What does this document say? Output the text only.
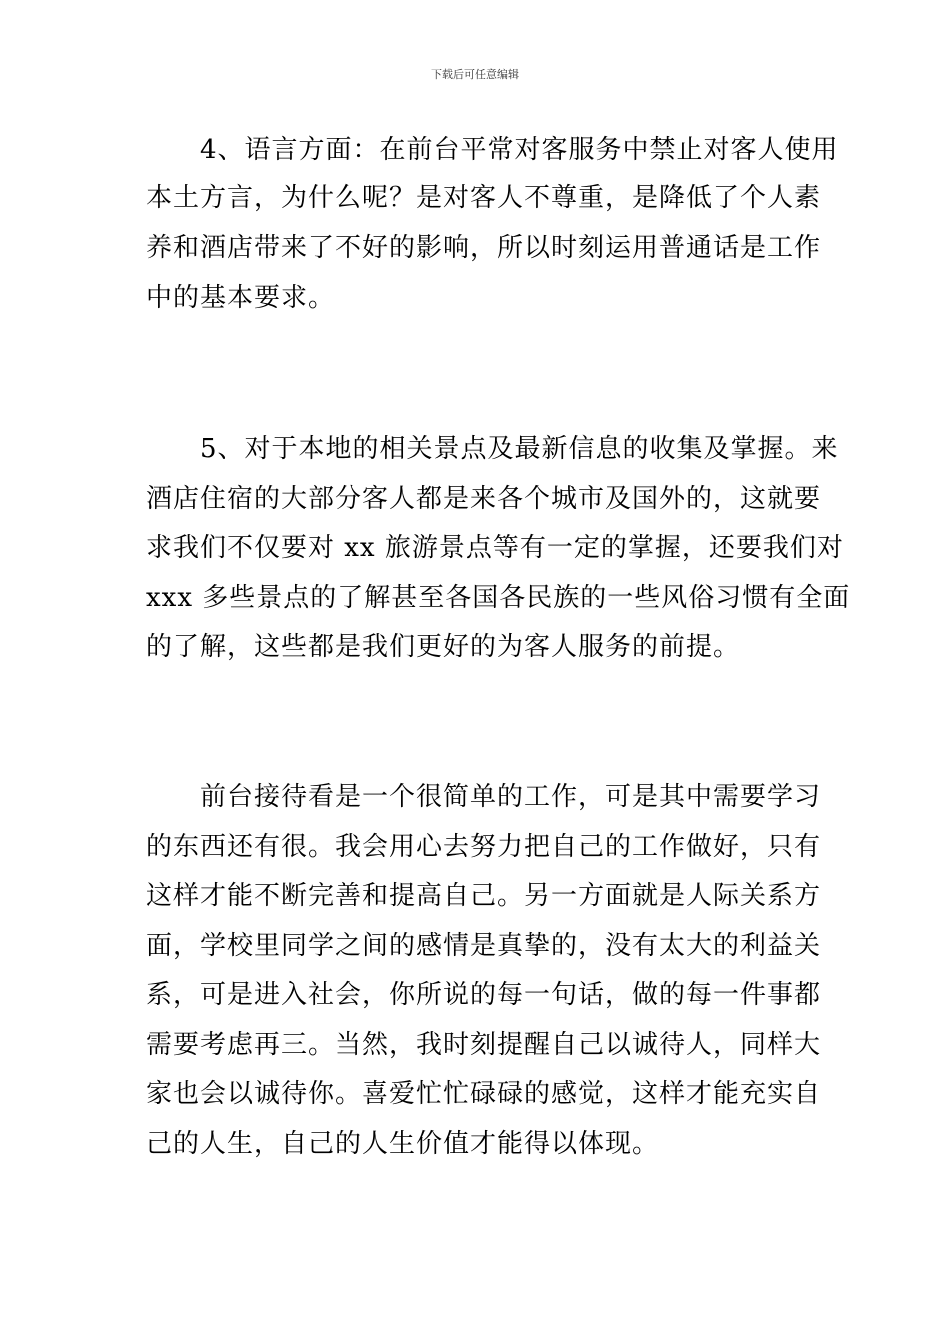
下载后可任意编辑
　　4、语言方面：在前台平常对客服务中禁止对客人使用
本土方言，为什么呢？是对客人不尊重，是降低了个人素
养和酒店带来了不好的影响，所以时刻运用普通话是工作
中的基本要求。
　　5、对于本地的相关景点及最新信息的收集及掌握。来
酒店住宿的大部分客人都是来各个城市及国外的，这就要
求我们不仅要对 xx 旅游景点等有一定的掌握，还要我们对
xxx 多些景点的了解甚至各国各民族的一些风俗习惯有全面
的了解，这些都是我们更好的为客人服务的前提。
　　前台接待看是一个很简单的工作，可是其中需要学习
的东西还有很。我会用心去努力把自己的工作做好，只有
这样才能不断完善和提高自己。另一方面就是人际关系方
面，学校里同学之间的感情是真挚的，没有太大的利益关
系，可是进入社会，你所说的每一句话，做的每一件事都
需要考虑再三。当然，我时刻提醒自己以诚待人，同样大
家也会以诚待你。喜爱忙忙碌碌的感觉，这样才能充实自
己的人生，自己的人生价值才能得以体现。
